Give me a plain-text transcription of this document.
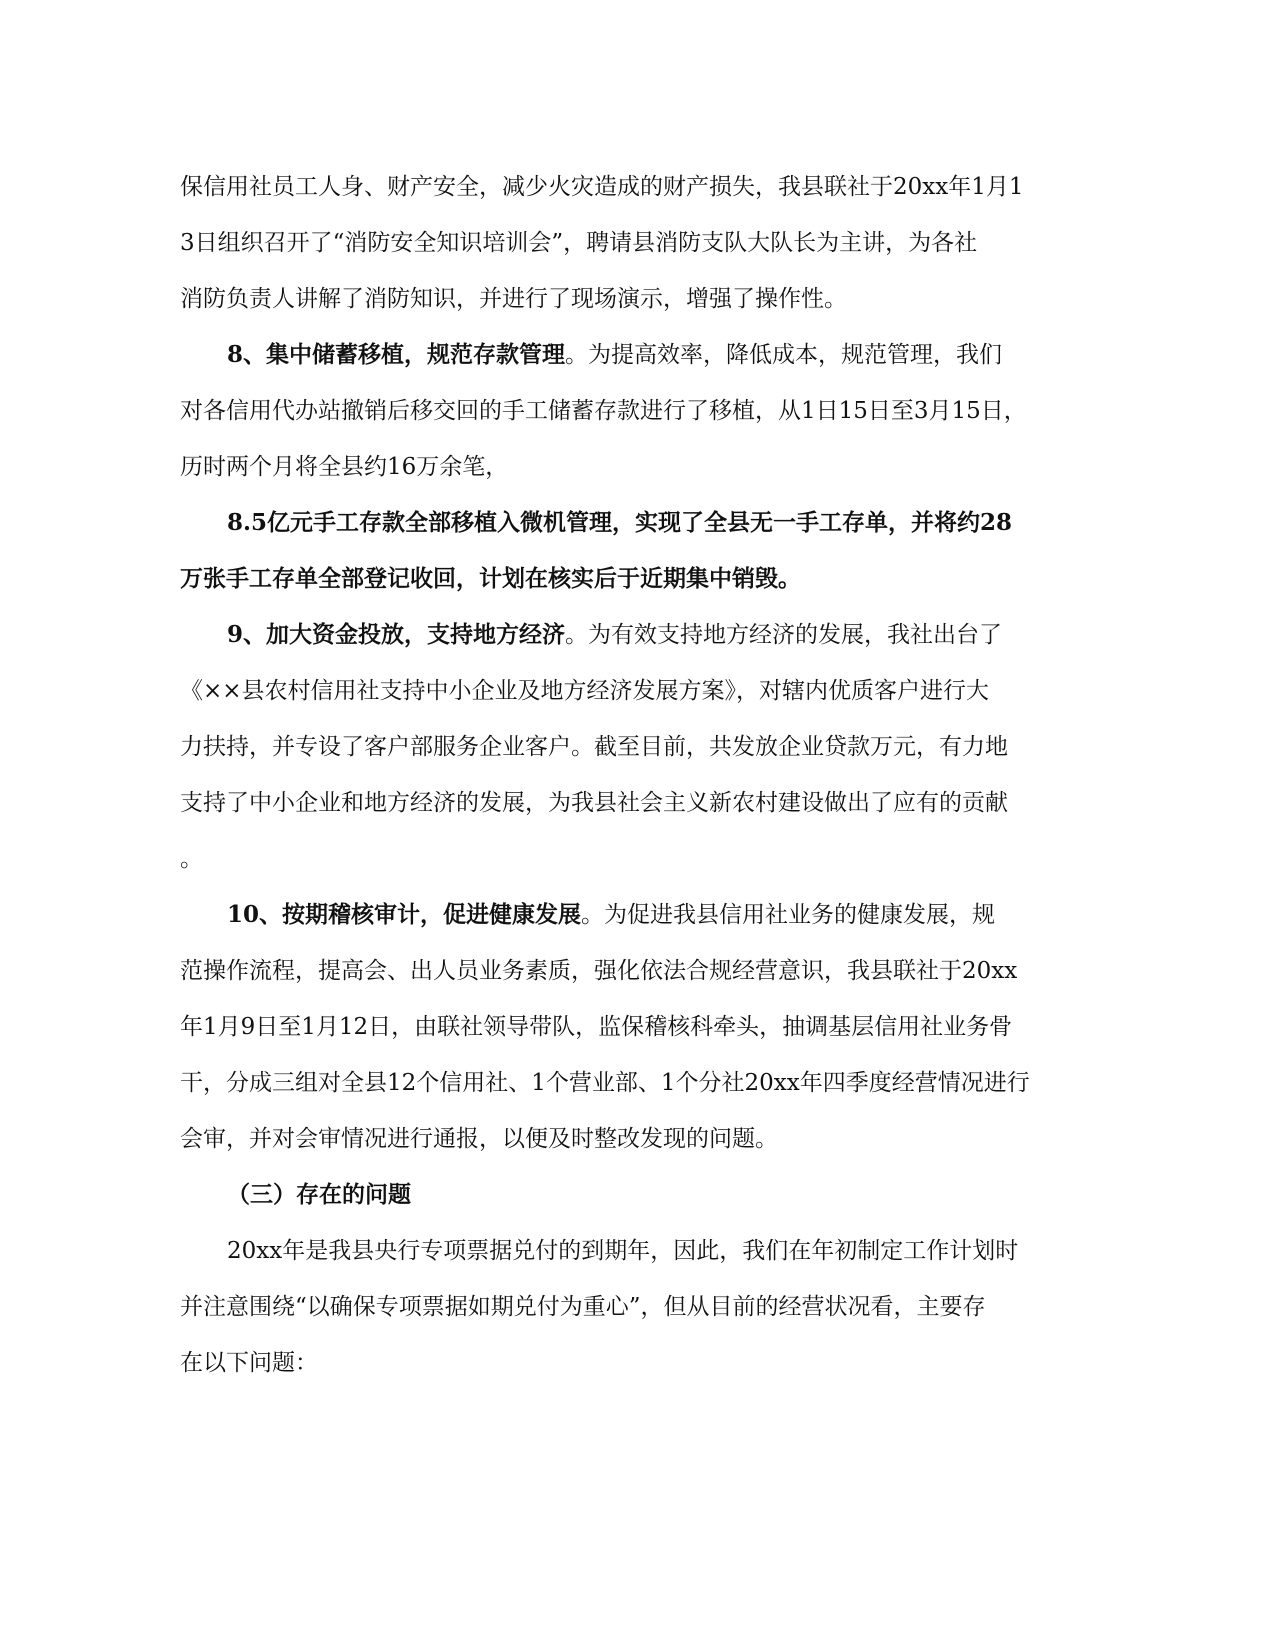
保信用社员工人身、财产安全，减少火灾造成的财产损失，我县联社于20xx年1月1
3日组织召开了“消防安全知识培训会”，聘请县消防支队大队长为主讲，为各社
消防负责人讲解了消防知识，并进行了现场演示，增强了操作性。
8、集中储蓄移植，规范存款管理。为提高效率，降低成本，规范管理，我们
对各信用代办站撤销后移交回的手工储蓄存款进行了移植，从1日15日至3月15日，
历时两个月将全县约16万余笔，
8.5亿元手工存款全部移植入微机管理，实现了全县无一手工存单，并将约28
万张手工存单全部登记收回，计划在核实后于近期集中销毁。
9、加大资金投放，支持地方经济。为有效支持地方经济的发展，我社出台了
《××县农村信用社支持中小企业及地方经济发展方案》，对辖内优质客户进行大
力扶持，并专设了客户部服务企业客户。截至目前，共发放企业贷款万元，有力地
支持了中小企业和地方经济的发展，为我县社会主义新农村建设做出了应有的贡献
。
10、按期稽核审计，促进健康发展。为促进我县信用社业务的健康发展，规
范操作流程，提高会、出人员业务素质，强化依法合规经营意识，我县联社于20xx
年1月9日至1月12日，由联社领导带队，监保稽核科牵头，抽调基层信用社业务骨
干，分成三组对全县12个信用社、1个营业部、1个分社20xx年四季度经营情况进行
会审，并对会审情况进行通报，以便及时整改发现的问题。
（三）存在的问题
20xx年是我县央行专项票据兑付的到期年，因此，我们在年初制定工作计划时
并注意围绕“以确保专项票据如期兑付为重心”，但从目前的经营状况看，主要存
在以下问题：
